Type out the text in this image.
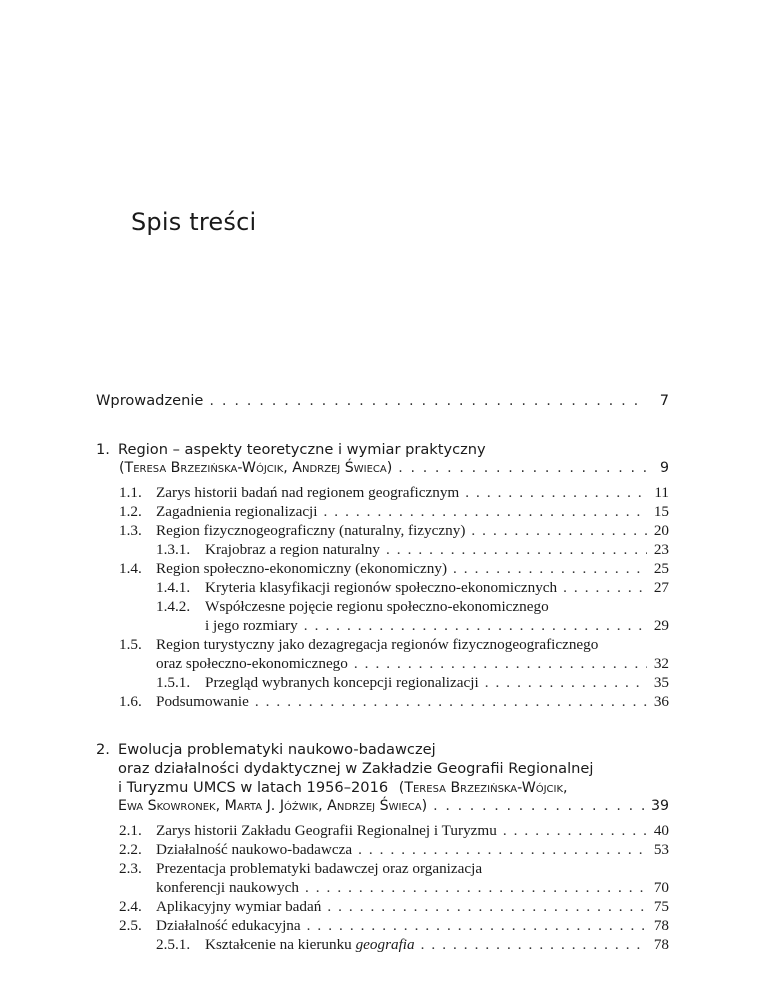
Spis treści
Wprowadzenie . . .	7
1. Region – aspekty teoretyczne i wymiar praktyczny
(Teresa Brzezińska-Wójcik, Andrzej Świeca) . . .	9
1.1. Zarys historii badań nad regionem geograficznym . . .	11
1.2. Zagadnienia regionalizacji . . .	15
1.3. Region fizycznogeograficzny (naturalny, fizyczny) . . .	20
1.3.1. Krajobraz a region naturalny . . .	23
1.4. Region społeczno-ekonomiczny (ekonomiczny) . . .	25
1.4.1. Kryteria klasyfikacji regionów społeczno-ekonomicznych . . .	27
1.4.2. Współczesne pojęcie regionu społeczno-ekonomicznego
i jego rozmiary . . .	29
1.5. Region turystyczny jako dezagregacja regionów fizycznogeograficznego
oraz społeczno-ekonomicznego . . .	32
1.5.1. Przegląd wybranych koncepcji regionalizacji . . .	35
1.6. Podsumowanie . . .	36
2. Ewolucja problematyki naukowo-badawczej
oraz działalności dydaktycznej w Zakładzie Geografii Regionalnej
i Turyzmu UMCS w latach 1956–2016 (Teresa Brzezińska-Wójcik,
Ewa Skowronek, Marta J. Jóźwik, Andrzej Świeca) . . .	39
2.1. Zarys historii Zakładu Geografii Regionalnej i Turyzmu . . .	40
2.2. Działalność naukowo-badawcza . . .	53
2.3. Prezentacja problematyki badawczej oraz organizacja
konferencji naukowych . . .	70
2.4. Aplikacyjny wymiar badań . . .	75
2.5. Działalność edukacyjna . . .	78
2.5.1. Kształcenie na kierunku geografia . . .	78
